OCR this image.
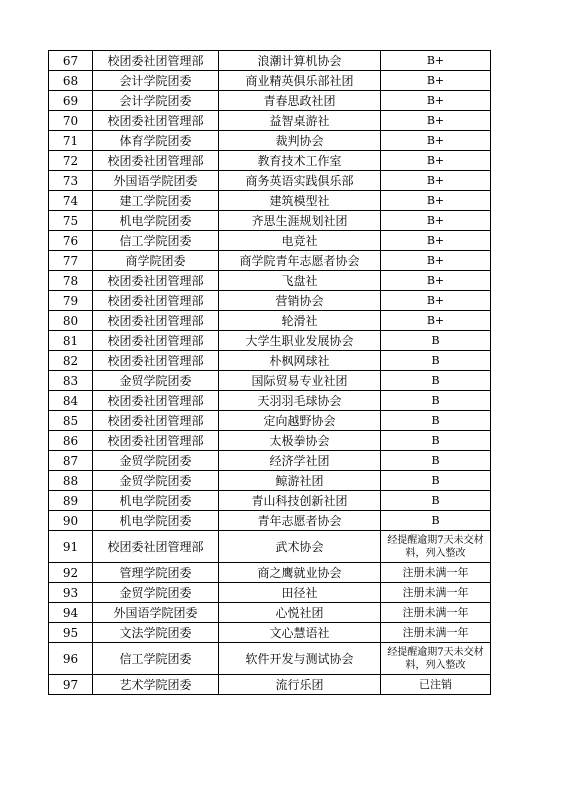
67	校团委社团管理部	浪潮计算机协会	B+
68	会计学院团委	商业精英俱乐部社团	B+
69	会计学院团委	青春思政社团	B+
70	校团委社团管理部	益智桌游社	B+
71	体育学院团委	裁判协会	B+
72	校团委社团管理部	教育技术工作室	B+
73	外国语学院团委	商务英语实践俱乐部	B+
74	建工学院团委	建筑模型社	B+
75	机电学院团委	齐思生涯规划社团	B+
76	信工学院团委	电竞社	B+
77	商学院团委	商学院青年志愿者协会	B+
78	校团委社团管理部	飞盘社	B+
79	校团委社团管理部	营销协会	B+
80	校团委社团管理部	轮滑社	B+
81	校团委社团管理部	大学生职业发展协会	B
82	校团委社团管理部	朴枫网球社	B
83	金贸学院团委	国际贸易专业社团	B
84	校团委社团管理部	天羽羽毛球协会	B
85	校团委社团管理部	定向越野协会	B
86	校团委社团管理部	太极拳协会	B
87	金贸学院团委	经济学社团	B
88	金贸学院团委	鲸游社团	B
89	机电学院团委	青山科技创新社团	B
90	机电学院团委	青年志愿者协会	B
91	校团委社团管理部	武术协会	经提醒逾期7天未交材料，列入整改
92	管理学院团委	商之鹰就业协会	注册未满一年
93	金贸学院团委	田径社	注册未满一年
94	外国语学院团委	心悦社团	注册未满一年
95	文法学院团委	文心慧语社	注册未满一年
96	信工学院团委	软件开发与测试协会	经提醒逾期7天未交材料，列入整改
97	艺术学院团委	流行乐团	已注销
